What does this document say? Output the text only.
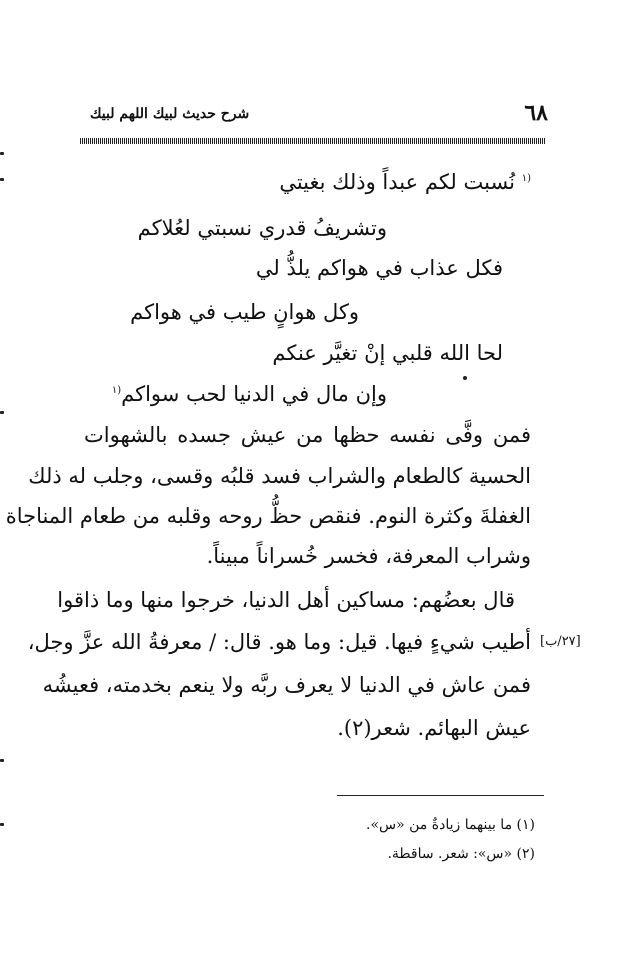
٦٨
شرح حديث لبيك اللهم لبيك
$^{(١}$ نُسبت لكم عبداً وذلك بغيتي
وتشريفُ قدري نسبتي لعُلاكم
فكل عذاب في هواكم يلذُّ لي
وكل هوانٍ طيب في هواكم
لحا الله قلبي إنْ تغيَّر عنكم
وإن مال في الدنيا لحب سواكم$^{(١}$
فمن وفَّى نفسه حظها من عيش جسده بالشهوات
الحسية كالطعام والشراب فسد قلبُه وقسى، وجلب له ذلك
الغفلةَ وكثرة النوم. فنقص حظُّ روحه وقلبه من طعام المناجاة
وشراب المعرفة، فخسر خُسراناً مبيناً.
قال بعضُهم: مساكين أهل الدنيا، خرجوا منها وما ذاقوا
أطيب شيءٍ فيها. قيل: وما هو. قال: / معرفةُ الله عزَّ وجل،
فمن عاش في الدنيا لا يعرف ربَّه ولا ينعم بخدمته، فعيشُه
عيش البهائم. شعر(٢).
[٢٧/ب]
(١) ما بينهما زيادةٌ من «س».
(٢) «س»: شعر. ساقطة.
